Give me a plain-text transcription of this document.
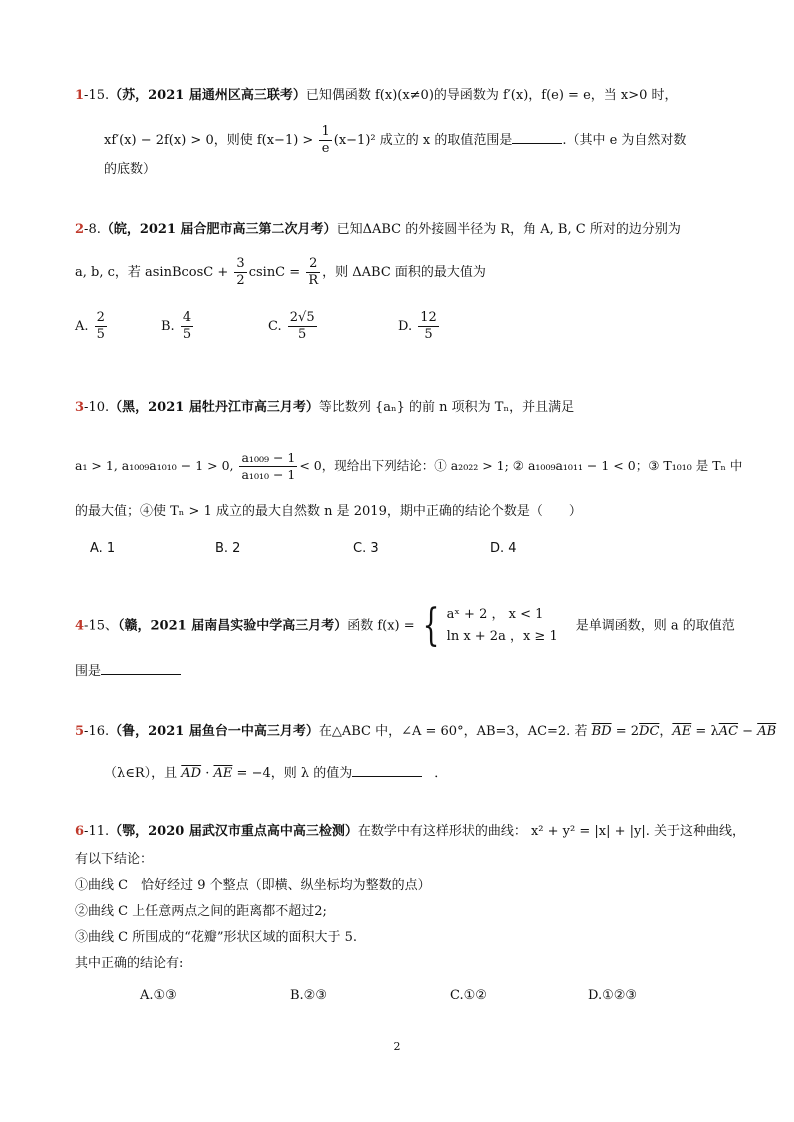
1-15.（苏，2021 届通州区高三联考）已知偶函数 f(x)(x≠0)的导函数为 f′(x)，f(e) = e，当 x>0 时，
xf′(x) − 2f(x) > 0，则使 $f(x-1) > \frac{1}{e} (x-1)^2$ 成立的 x 的取值范围是	.（其中 e 为自然对数
的底数）
2-8.（皖，2021 届合肥市高三第二次月考）已知ΔABC 的外接圆半径为 R，角 A, B, C 所对的边分别为
a, b, c，若 asinBcosC + $\frac{3}{2}$ $csinC = \frac{2}{R}$ ，则 ΔABC 面积的最大值为
A. $\frac{2}{5}$	B. $\frac{4}{5}$	C. $\frac{2√5}{5}$	D. $\frac{12}{5}$
3-10.（黑，2021 届牡丹江市高三月考）等比数列 {aₙ} 的前 n 项积为 Tₙ，并且满足
a₁ > 1, a₁₀₀₉a₁₀₁₀ − 1 > 0, $\frac{\text{a₁₀₀₉ − 1}}{\text{a₁₀₁₀ − 1}} < 0$，现给出下列结论：① a₂₀₂₂ > 1; ② a₁₀₀₉a₁₀₁₁ − 1 < 0；③ T₁₀₁₀ 是 Tₙ 中
的最大值；④使 Tₙ > 1 成立的最大自然数 n 是 2019，期中正确的结论个数是（　　）
A. 1	B. 2	C. 3	D. 4
4-15、（赣，2021 届南昌实验中学高三月考）函数 f(x) = { aˣ + 2 ， x < 1
ln x + 2a ，x ≥ 1
是单调函数，则 a 的取值范
围是
5-16.（鲁，2021 届鱼台一中高三月考）在△ABC 中，∠A = 60°，AB=3，AC=2. 若 $\overline{BD} = 2\overline{DC}$，$\overline{AE} = \lambda\overline{AC} - \overline{AB}$
（λ∈R），且 $\overline{AD} \cdot \overline{AE} = -4$，则 λ 的值为	．
6-11.（鄂，2020 届武汉市重点高中高三检测）在数学中有这样形状的曲线： x² + y² = |x| + |y|. 关于这种曲线，
有以下结论：
①曲线 C　恰好经过 9 个整点（即横、纵坐标均为整数的点）
②曲线 C 上任意两点之间的距离都不超过2;
③曲线 C 所围成的“花瓣”形状区域的面积大于 5.
其中正确的结论有:
A.①③	B.②③	C.①②	D.①②③
2
